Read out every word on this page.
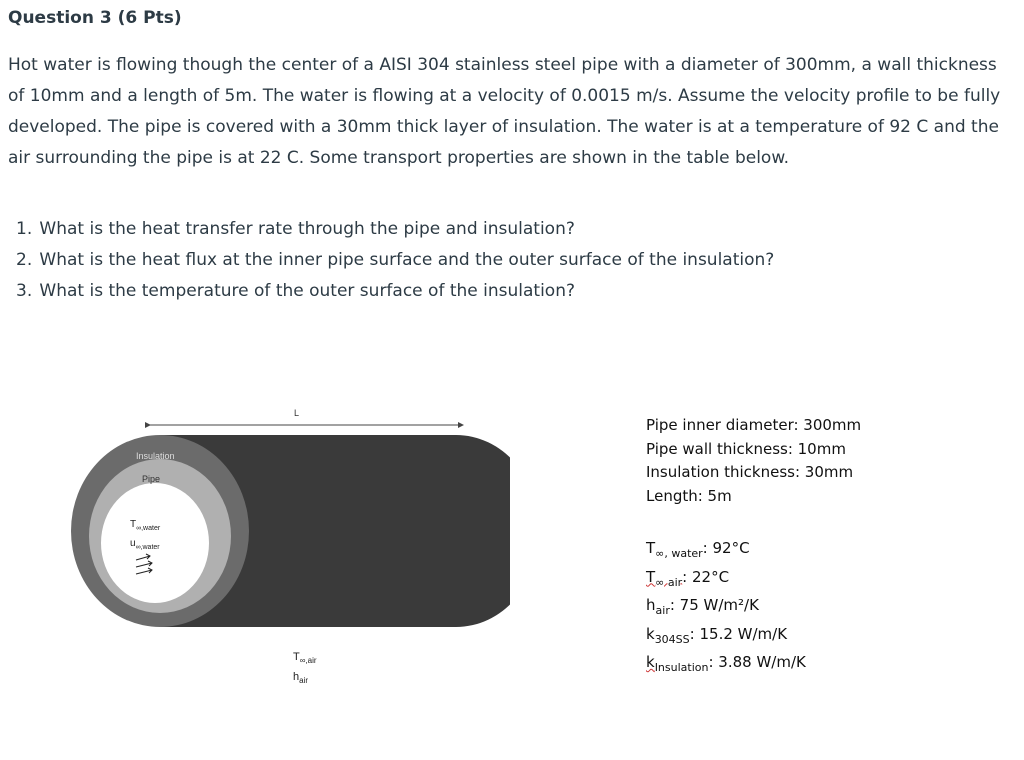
Question 3 (6 Pts)
Hot water is flowing though the center of a AISI 304 stainless steel pipe with a diameter of 300mm, a wall thickness of 10mm and a length of 5m. The water is flowing at a velocity of 0.0015 m/s. Assume the velocity profile to be fully developed. The pipe is covered with a 30mm thick layer of insulation. The water is at a temperature of 92 C and the air surrounding the pipe is at 22 C. Some transport properties are shown in the table below.
1. What is the heat transfer rate through the pipe and insulation?
2. What is the heat flux at the inner pipe surface and the outer surface of the insulation?
3. What is the temperature of the outer surface of the insulation?
L
Insulation
Pipe
$T_{\infty,water}$
$u_{\infty,water}$
$T_{\infty,air}$
$h_{air}$
Pipe inner diameter: 300mm
Pipe wall thickness: 10mm
Insulation thickness: 30mm
Length: 5m
$T_{\infty, water}$: 92°C
$T_{\infty air}$: 22°C
$h_{air}$: 75 W/m²/K
$k_{304SS}$: 15.2 W/m/K
$k_{Insulation}$: 3.88 W/m/K
